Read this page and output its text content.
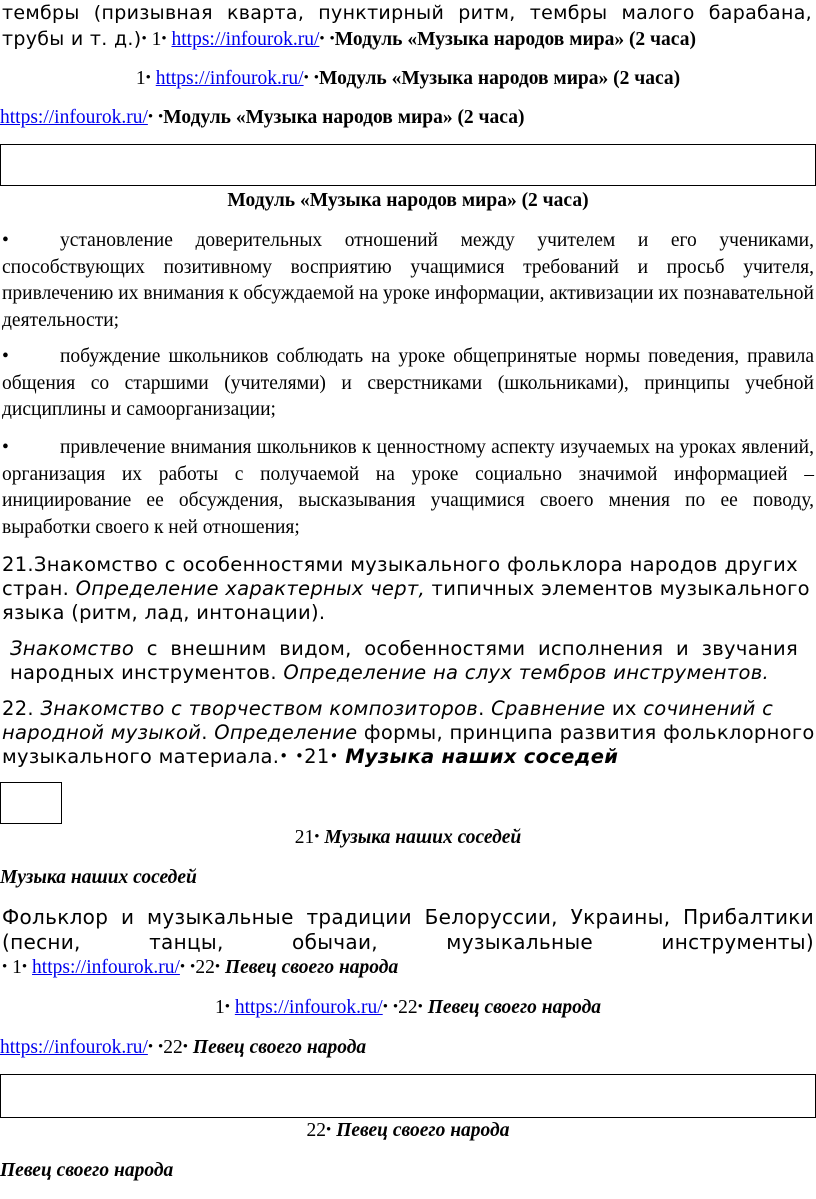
тембры (призывная кварта, пунктирный ритм, тембры малого барабана,
трубы и т. д.)• 1• https://infourok.ru/• •Модуль «Музыка народов мира» (2 часа)
1• https://infourok.ru/• •Модуль «Музыка народов мира» (2 часа)
https://infourok.ru/• •Модуль «Музыка народов мира» (2 часа)
Модуль «Музыка народов мира» (2 часа)
•	установление доверительных отношений между учителем и его учениками, способствующих позитивному восприятию учащимися требований и просьб учителя, привлечению их внимания к обсуждаемой на уроке информации, активизации их познавательной деятельности;
•	побуждение школьников соблюдать на уроке общепринятые нормы поведения, правила общения со старшими (учителями) и сверстниками (школьниками), принципы учебной дисциплины и самоорганизации;
•	привлечение внимания школьников к ценностному аспекту изучаемых на уроках явлений, организация их работы с получаемой на уроке социально значимой информацией – инициирование ее обсуждения, высказывания учащимися своего мнения по ее поводу, выработки своего к ней отношения;
21.Знакомство с особенностями музыкального фольклора народов других
стран. Определение характерных черт, типичных элементов музыкального
языка (ритм, лад, интонации).
Знакомство с внешним видом, особенностями исполнения и звучания
народных инструментов. Определение на слух тембров инструментов.
22. Знакомство с творчеством композиторов. Сравнение их сочинений с
народной музыкой. Определение формы, принципа развития фольклорного
музыкального материала.• •21• Музыка наших соседей
21• Музыка наших соседей
Музыка наших соседей
Фольклор и музыкальные традиции Белоруссии, Украины, Прибалтики
(песни, танцы, обычаи, музыкальные инструменты)
• 1• https://infourok.ru/• •22• Певец своего народа
1• https://infourok.ru/• •22• Певец своего народа
https://infourok.ru/• •22• Певец своего народа
22• Певец своего народа
Певец своего народа
